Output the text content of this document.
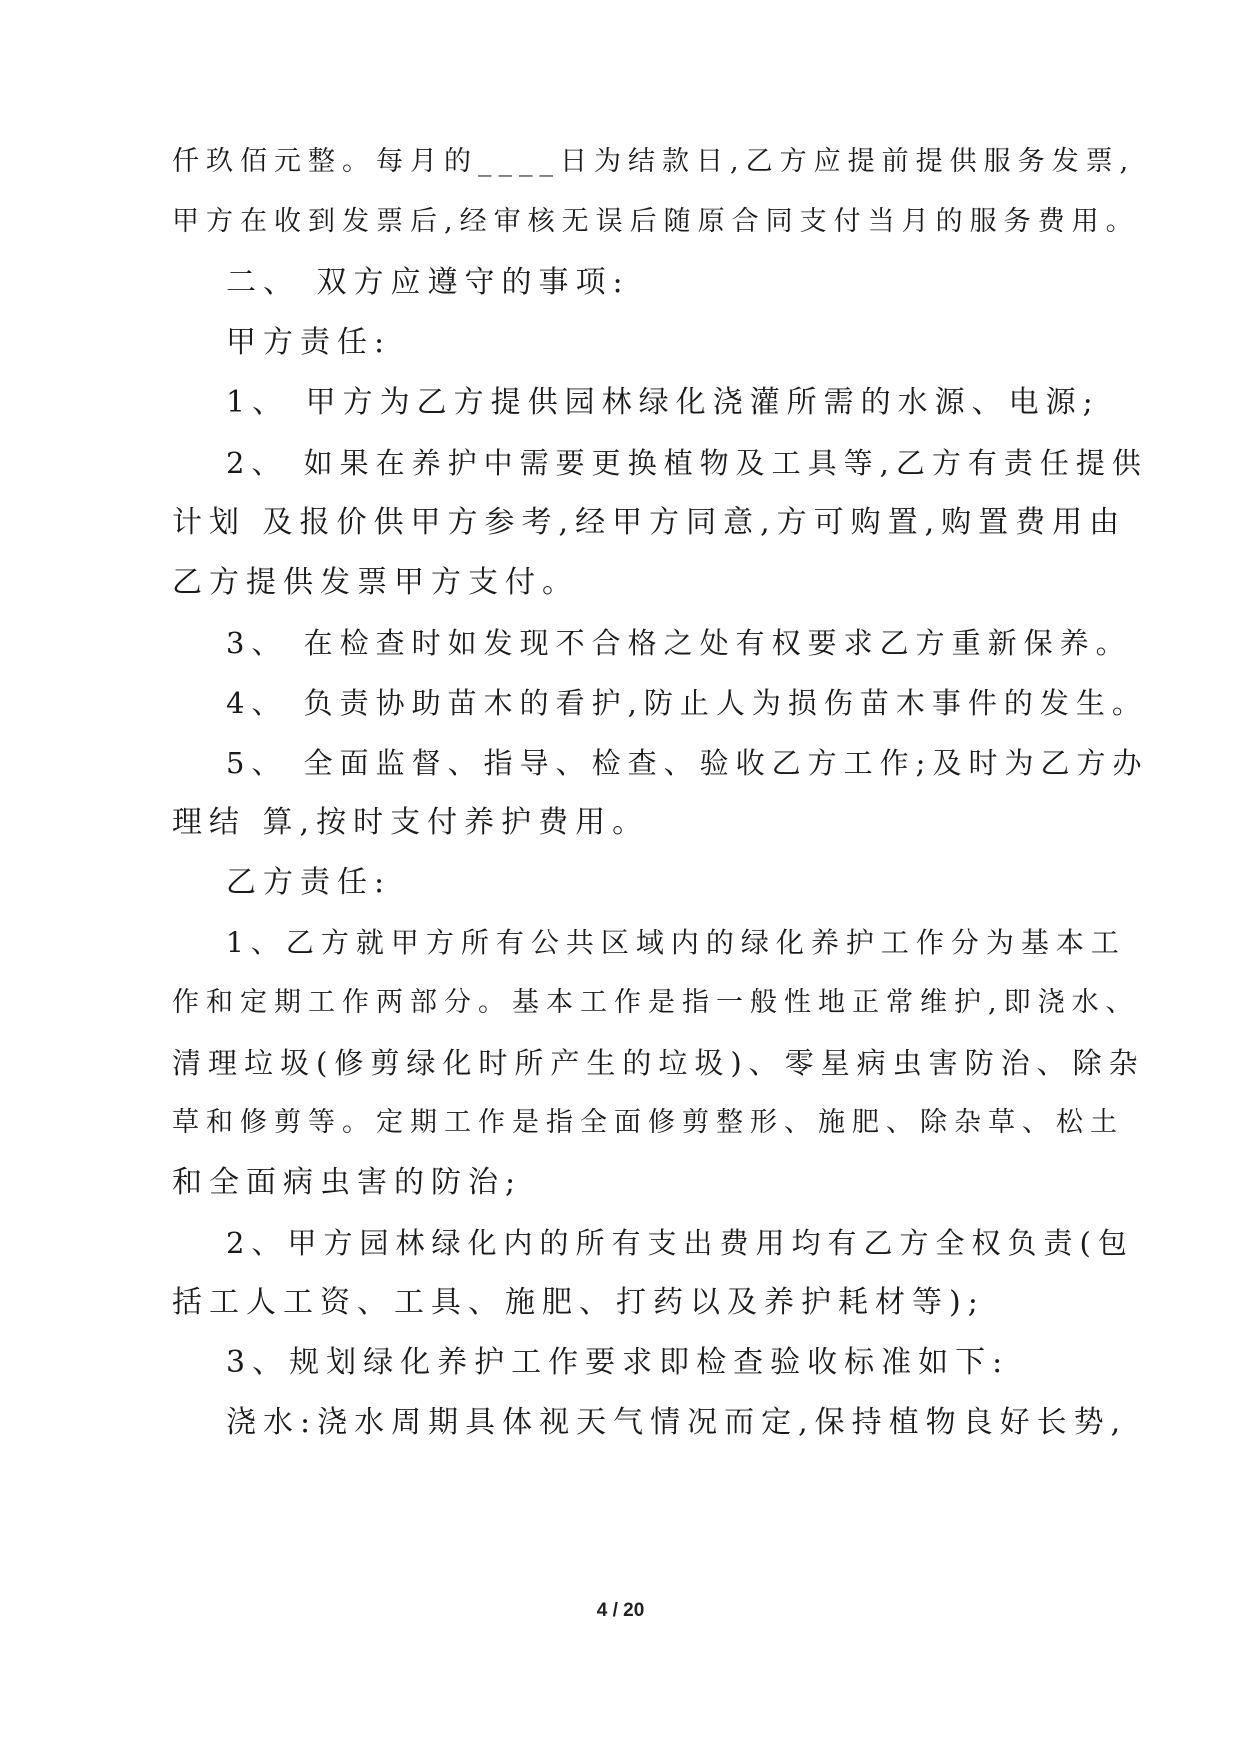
仟玖佰元整。每月的____日为结款日,乙方应提前提供服务发票,
甲方在收到发票后,经审核无误后随原合同支付当月的服务费用。
二、 双方应遵守的事项:
甲方责任:
1、 甲方为乙方提供园林绿化浇灌所需的水源、电源;
2、 如果在养护中需要更换植物及工具等,乙方有责任提供
计划 及报价供甲方参考,经甲方同意,方可购置,购置费用由
乙方提供发票甲方支付。
3、 在检查时如发现不合格之处有权要求乙方重新保养。
4、 负责协助苗木的看护,防止人为损伤苗木事件的发生。
5、 全面监督、指导、检查、验收乙方工作;及时为乙方办
理结 算,按时支付养护费用。
乙方责任:
1、乙方就甲方所有公共区域内的绿化养护工作分为基本工
作和定期工作两部分。基本工作是指一般性地正常维护,即浇水、
清理垃圾(修剪绿化时所产生的垃圾)、零星病虫害防治、除杂
草和修剪等。定期工作是指全面修剪整形、施肥、除杂草、松土
和全面病虫害的防治;
2、甲方园林绿化内的所有支出费用均有乙方全权负责(包
括工人工资、工具、施肥、打药以及养护耗材等);
3、规划绿化养护工作要求即检查验收标准如下:
浇水:浇水周期具体视天气情况而定,保持植物良好长势,
4 / 20
